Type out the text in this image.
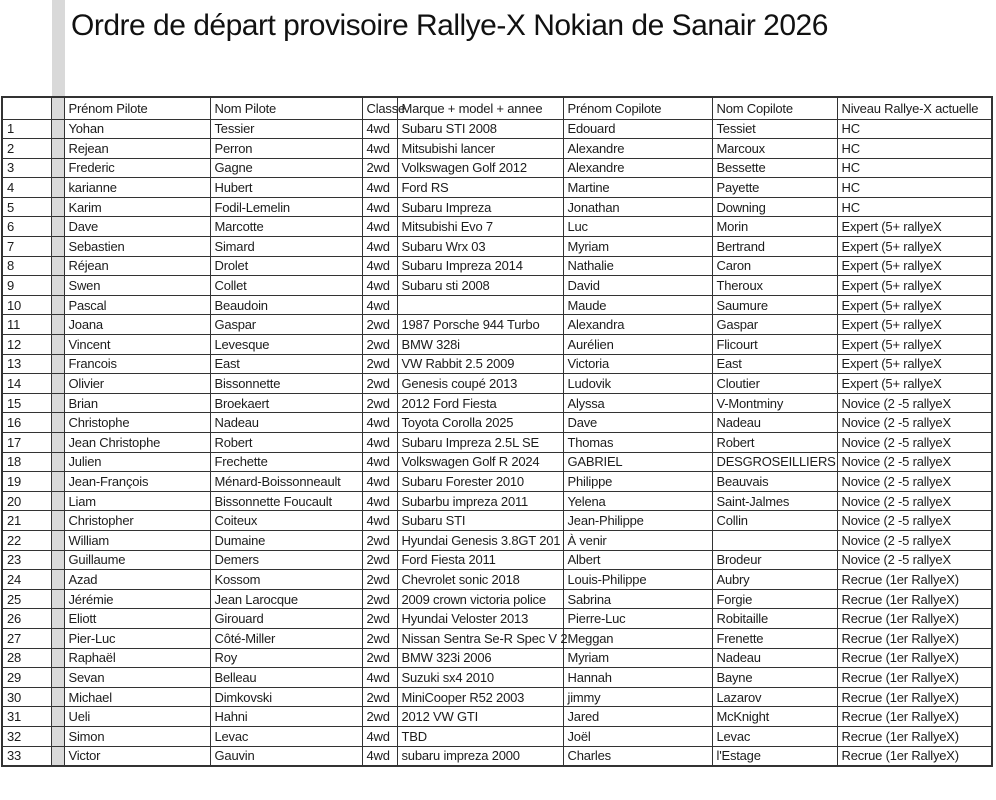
Ordre de départ provisoire Rallye-X Nokian de Sanair 2026
		Prénom Pilote	Nom Pilote	Classe	Marque + model + annee	Prénom Copilote	Nom Copilote	Niveau Rallye-X actuelle
1		Yohan	Tessier	4wd	Subaru STI 2008	Edouard	Tessiet	HC
2		Rejean	Perron	4wd	Mitsubishi lancer	Alexandre	Marcoux	HC
3		Frederic	Gagne	2wd	Volkswagen Golf 2012	Alexandre	Bessette	HC
4		karianne	Hubert	4wd	Ford RS	Martine	Payette	HC
5		Karim	Fodil-Lemelin	4wd	Subaru Impreza	Jonathan	Downing	HC
6		Dave	Marcotte	4wd	Mitsubishi Evo 7	Luc	Morin	Expert (5+ rallyeX
7		Sebastien	Simard	4wd	Subaru Wrx 03	Myriam	Bertrand	Expert (5+ rallyeX
8		Réjean	Drolet	4wd	Subaru Impreza 2014	Nathalie	Caron	Expert (5+ rallyeX
9		Swen	Collet	4wd	Subaru sti 2008	David	Theroux	Expert (5+ rallyeX
10		Pascal	Beaudoin	4wd		Maude	Saumure	Expert (5+ rallyeX
11		Joana	Gaspar	2wd	1987 Porsche 944 Turbo	Alexandra	Gaspar	Expert (5+ rallyeX
12		Vincent	Levesque	2wd	BMW 328i	Aurélien	Flicourt	Expert (5+ rallyeX
13		Francois	East	2wd	VW Rabbit 2.5 2009	Victoria	East	Expert (5+ rallyeX
14		Olivier	Bissonnette	2wd	Genesis coupé 2013	Ludovik	Cloutier	Expert (5+ rallyeX
15		Brian	Broekaert	2wd	2012 Ford Fiesta	Alyssa	V-Montminy	Novice (2 -5 rallyeX
16		Christophe	Nadeau	4wd	Toyota Corolla 2025	Dave	Nadeau	Novice (2 -5 rallyeX
17		Jean Christophe	Robert	4wd	Subaru Impreza 2.5L SE	Thomas	Robert	Novice (2 -5 rallyeX
18		Julien	Frechette	4wd	Volkswagen Golf R 2024	GABRIEL	DESGROSEILLIERS	Novice (2 -5 rallyeX
19		Jean-François	Ménard-Boissonneault	4wd	Subaru Forester 2010	Philippe	Beauvais	Novice (2 -5 rallyeX
20		Liam	Bissonnette Foucault	4wd	Subarbu impreza 2011	Yelena	Saint-Jalmes	Novice (2 -5 rallyeX
21		Christopher	Coiteux	4wd	Subaru STI	Jean-Philippe	Collin	Novice (2 -5 rallyeX
22		William	Dumaine	2wd	Hyundai Genesis 3.8GT 201	À venir		Novice (2 -5 rallyeX
23		Guillaume	Demers	2wd	Ford Fiesta 2011	Albert	Brodeur	Novice (2 -5 rallyeX
24		Azad	Kossom	2wd	Chevrolet sonic 2018	Louis-Philippe	Aubry	Recrue (1er RallyeX)
25		Jérémie	Jean Larocque	2wd	2009 crown victoria police	Sabrina	Forgie	Recrue (1er RallyeX)
26		Eliott	Girouard	2wd	Hyundai Veloster 2013	Pierre-Luc	Robitaille	Recrue (1er RallyeX)
27		Pier-Luc	Côté-Miller	2wd	Nissan Sentra Se-R Spec V 2	Meggan	Frenette	Recrue (1er RallyeX)
28		Raphaël	Roy	2wd	BMW 323i 2006	Myriam	Nadeau	Recrue (1er RallyeX)
29		Sevan	Belleau	4wd	Suzuki sx4 2010	Hannah	Bayne	Recrue (1er RallyeX)
30		Michael	Dimkovski	2wd	MiniCooper R52 2003	jimmy	Lazarov	Recrue (1er RallyeX)
31		Ueli	Hahni	2wd	2012 VW GTI	Jared	McKnight	Recrue (1er RallyeX)
32		Simon	Levac	4wd	TBD	Joël	Levac	Recrue (1er RallyeX)
33		Victor	Gauvin	4wd	subaru impreza 2000	Charles	l'Estage	Recrue (1er RallyeX)
